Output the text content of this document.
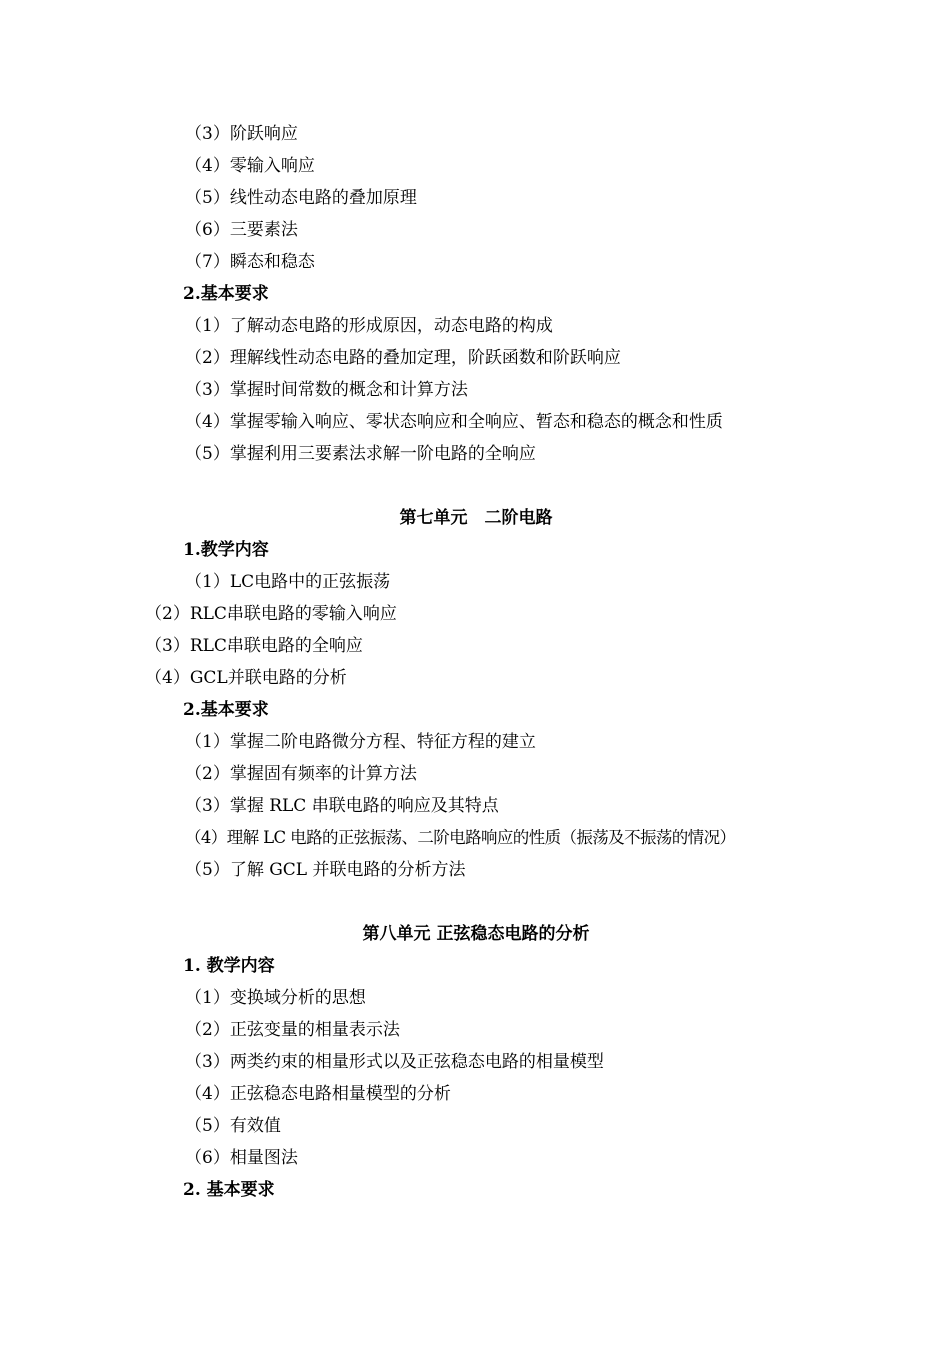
（3）阶跃响应
（4）零输入响应
（5）线性动态电路的叠加原理
（6）三要素法
（7）瞬态和稳态
2.基本要求
（1）了解动态电路的形成原因，动态电路的构成
（2）理解线性动态电路的叠加定理，阶跃函数和阶跃响应
（3）掌握时间常数的概念和计算方法
（4）掌握零输入响应、零状态响应和全响应、暂态和稳态的概念和性质
（5）掌握利用三要素法求解一阶电路的全响应
第七单元　二阶电路
1.教学内容
（1）LC电路中的正弦振荡
（2）RLC串联电路的零输入响应
（3）RLC串联电路的全响应
（4）GCL并联电路的分析
2.基本要求
（1）掌握二阶电路微分方程、特征方程的建立
（2）掌握固有频率的计算方法
（3）掌握 RLC 串联电路的响应及其特点
（4）理解 LC 电路的正弦振荡、二阶电路响应的性质（振荡及不振荡的情况）
（5）了解 GCL 并联电路的分析方法
第八单元 正弦稳态电路的分析
1. 教学内容
（1）变换域分析的思想
（2）正弦变量的相量表示法
（3）两类约束的相量形式以及正弦稳态电路的相量模型
（4）正弦稳态电路相量模型的分析
（5）有效值
（6）相量图法
2. 基本要求
